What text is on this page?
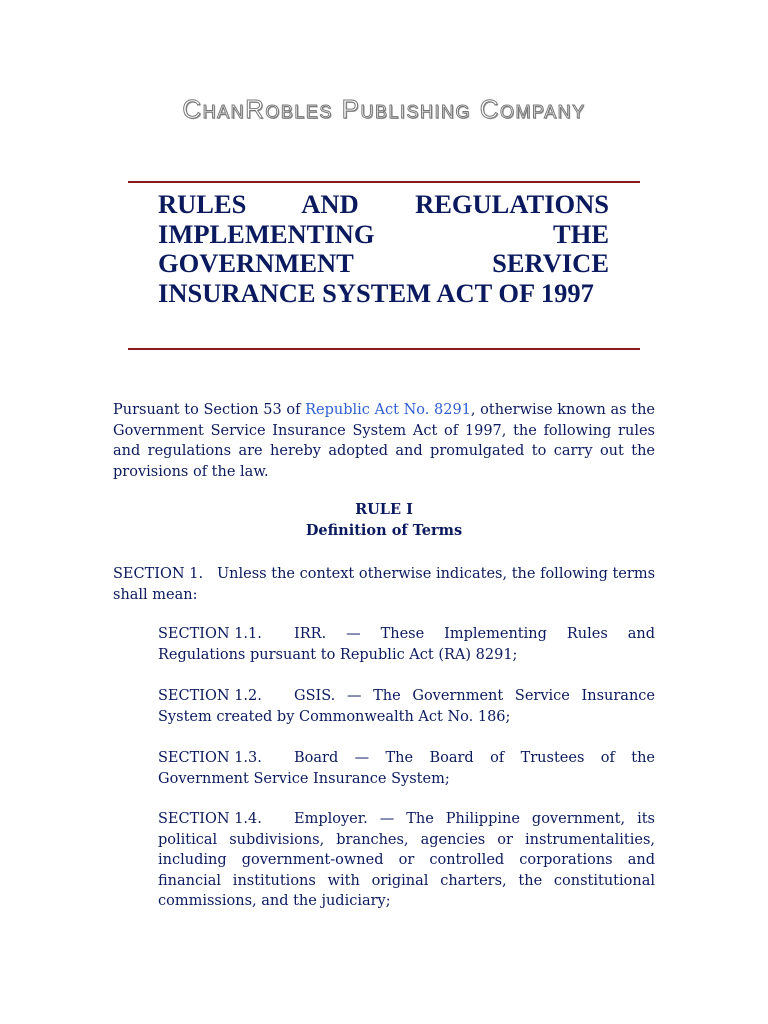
ChanRobles Publishing Company
RULES AND REGULATIONS IMPLEMENTING THE GOVERNMENT SERVICE INSURANCE SYSTEM ACT OF 1997

Pursuant to Section 53 of Republic Act No. 8291, otherwise known as the Government Service Insurance System Act of 1997, the following rules and regulations are hereby adopted and promulgated to carry out the provisions of the law.

RULE I
Definition of Terms

SECTION 1. Unless the context otherwise indicates, the following terms shall mean:

SECTION 1.1. IRR. — These Implementing Rules and Regulations pursuant to Republic Act (RA) 8291;

SECTION 1.2. GSIS. — The Government Service Insurance System created by Commonwealth Act No. 186;

SECTION 1.3. Board — The Board of Trustees of the Government Service Insurance System;

SECTION 1.4. Employer. — The Philippine government, its political subdivisions, branches, agencies or instrumentalities, including government-owned or controlled corporations and financial institutions with original charters, the constitutional commissions, and the judiciary;
